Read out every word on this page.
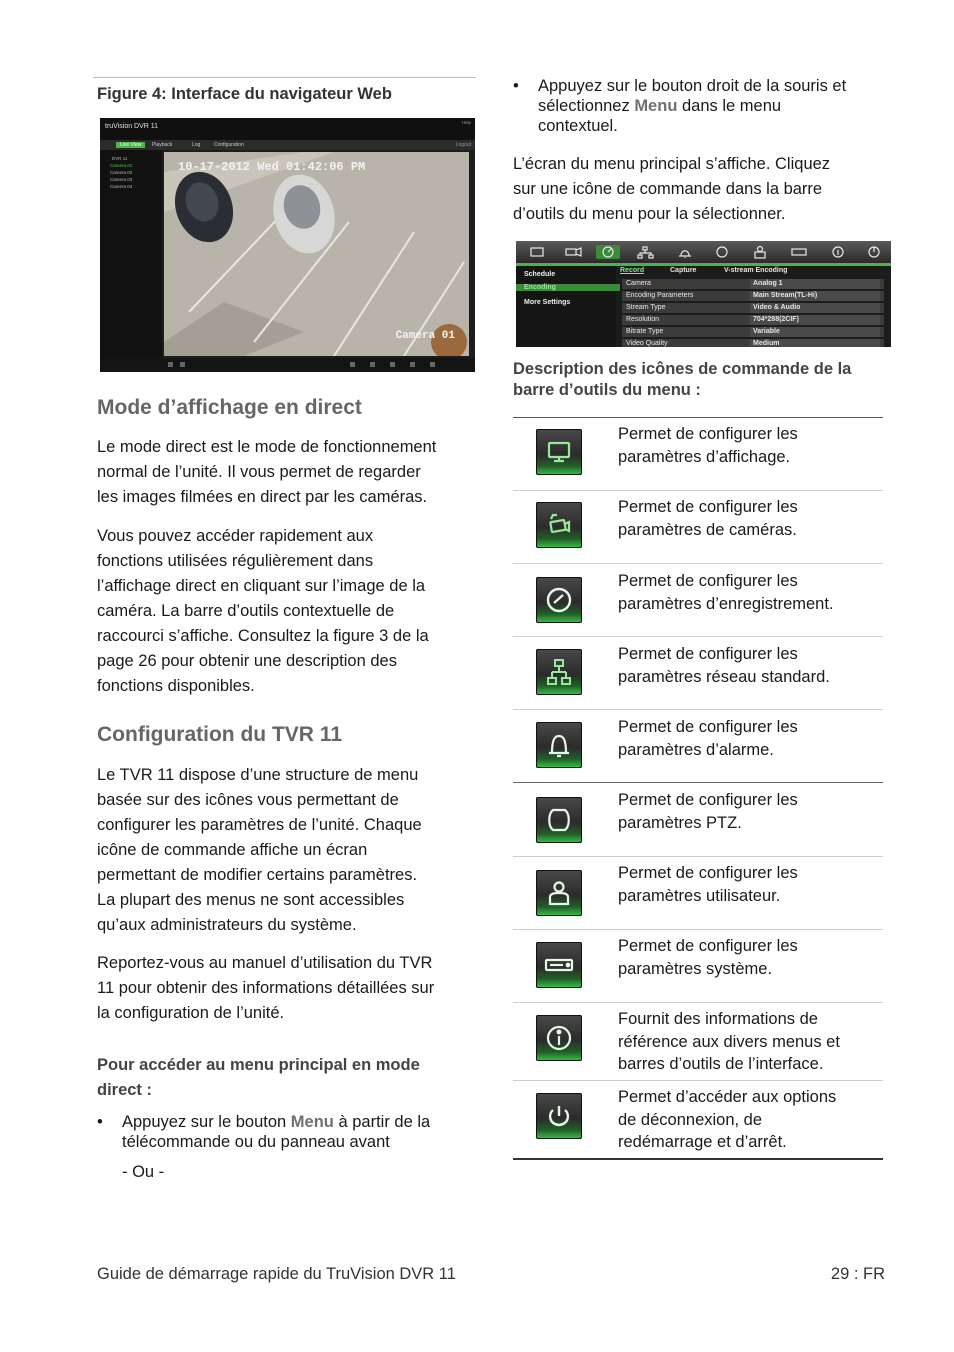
Figure 4: Interface du navigateur Web
truVision DVR 11
Help
Live View	Playback	Log	Configuration	Logout
DVR 11
Camera 01
Camera 02
Camera 03
Camera 04
10-17-2012 Wed 01:42:06 PM
Camera 01
Mode d’affichage en direct
Le mode direct est le mode de fonctionnement
normal de l’unité. Il vous permet de regarder
les images filmées en direct par les caméras.
Vous pouvez accéder rapidement aux
fonctions utilisées régulièrement dans
l’affichage direct en cliquant sur l’image de la
caméra. La barre d’outils contextuelle de
raccourci s’affiche. Consultez la figure 3 de la
page 26 pour obtenir une description des
fonctions disponibles.
Configuration du TVR 11
Le TVR 11 dispose d’une structure de menu
basée sur des icônes vous permettant de
configurer les paramètres de l’unité. Chaque
icône de commande affiche un écran
permettant de modifier certains paramètres.
La plupart des menus ne sont accessibles
qu’aux administrateurs du système.
Reportez-vous au manuel d’utilisation du TVR
11 pour obtenir des informations détaillées sur
la configuration de l’unité.
Pour accéder au menu principal en mode
direct :
• Appuyez sur le bouton Menu à partir de la
télécommande ou du panneau avant
- Ou -
• Appuyez sur le bouton droit de la souris et
sélectionnez Menu dans le menu
contextuel.
L’écran du menu principal s’affiche. Cliquez
sur une icône de commande dans la barre
d’outils du menu pour la sélectionner.
Schedule
Encoding
More Settings
Record	Capture	V-stream Encoding
Camera	Analog 1
Encoding Parameters	Main Stream(TL-Hi)
Stream Type	Video & Audio
Resolution	704*288(2CIF)
Bitrate Type	Variable
Video Quality	Medium
Description des icônes de commande de la
barre d’outils du menu :
Permet de configurer les
paramètres d’affichage.
Permet de configurer les
paramètres de caméras.
Permet de configurer les
paramètres d’enregistrement.
Permet de configurer les
paramètres réseau standard.
Permet de configurer les
paramètres d’alarme.
Permet de configurer les
paramètres PTZ.
Permet de configurer les
paramètres utilisateur.
Permet de configurer les
paramètres système.
Fournit des informations de
référence aux divers menus et
barres d’outils de l’interface.
Permet d’accéder aux options
de déconnexion, de
redémarrage et d’arrêt.
Guide de démarrage rapide du TruVision DVR 11	29 : FR
